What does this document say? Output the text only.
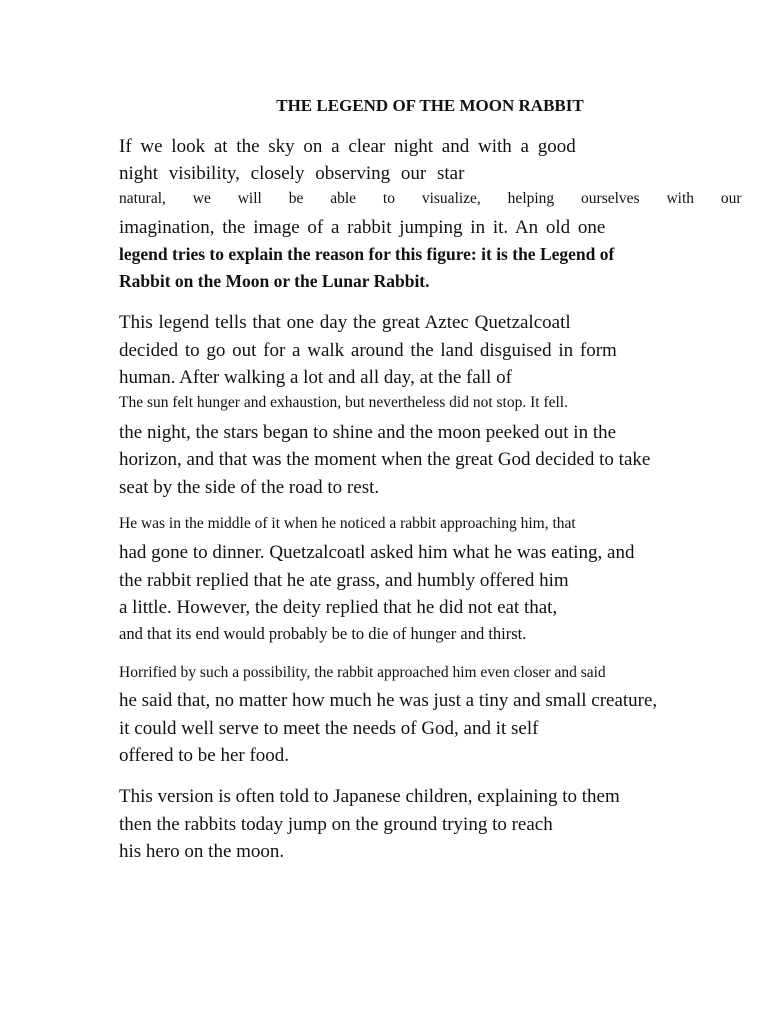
THE LEGEND OF THE MOON RABBIT
If we look at the sky on a clear night and with a good
night visibility, closely observing our star
natural, we will be able to visualize, helping ourselves with our
imagination, the image of a rabbit jumping in it. An old one
legend tries to explain the reason for this figure: it is the Legend of
Rabbit on the Moon or the Lunar Rabbit.
This legend tells that one day the great Aztec Quetzalcoatl
decided to go out for a walk around the land disguised in form
human. After walking a lot and all day, at the fall of
The sun felt hunger and exhaustion, but nevertheless did not stop. It fell.
the night, the stars began to shine and the moon peeked out in the
horizon, and that was the moment when the great God decided to take
seat by the side of the road to rest.
He was in the middle of it when he noticed a rabbit approaching him, that
had gone to dinner. Quetzalcoatl asked him what he was eating, and
the rabbit replied that he ate grass, and humbly offered him
a little. However, the deity replied that he did not eat that,
and that its end would probably be to die of hunger and thirst.
Horrified by such a possibility, the rabbit approached him even closer and said
he said that, no matter how much he was just a tiny and small creature,
it could well serve to meet the needs of God, and it self
offered to be her food.
This version is often told to Japanese children, explaining to them
then the rabbits today jump on the ground trying to reach
his hero on the moon.
